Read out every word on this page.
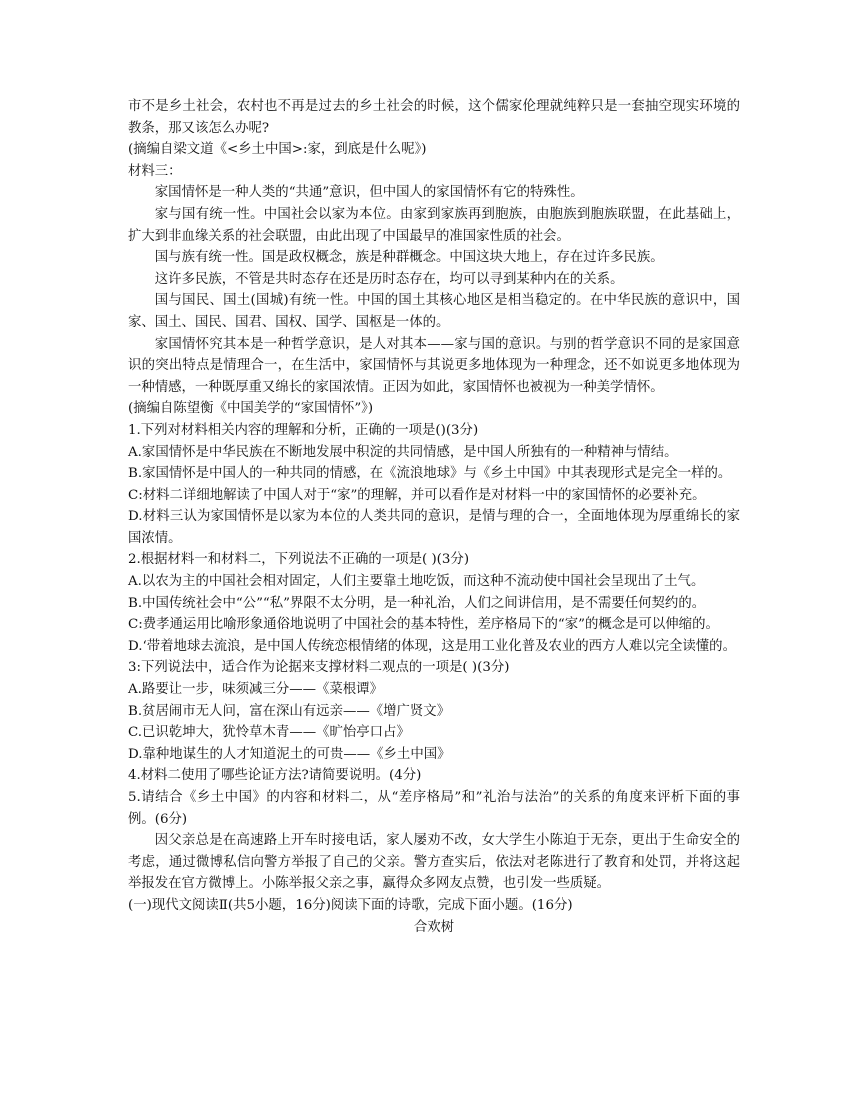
市不是乡土社会，农村也不再是过去的乡土社会的时候，这个儒家伦理就纯粹只是一套抽空现实环境的教条，那又该怎么办呢?

(摘编自梁文道《<乡土中国>:家，到底是什么呢》)

材料三：

家国情怀是一种人类的“共通”意识，但中国人的家国情怀有它的特殊性。

家与国有统一性。中国社会以家为本位。由家到家族再到胞族，由胞族到胞族联盟，在此基础上，扩大到非血缘关系的社会联盟，由此出现了中国最早的准国家性质的社会。

国与族有统一性。国是政权概念，族是种群概念。中国这块大地上，存在过许多民族。

这许多民族，不管是共时态存在还是历时态存在，均可以寻到某种内在的关系。

国与国民、国土(国城)有统一性。中国的国土其核心地区是相当稳定的。在中华民族的意识中，国家、国土、国民、国君、国权、国学、国枢是一体的。

家国情怀究其本是一种哲学意识，是人对其本——家与国的意识。与别的哲学意识不同的是家国意识的突出特点是情理合一，在生活中，家国情怀与其说更多地体现为一种理念，还不如说更多地体现为一种情感，一种既厚重又绵长的家国浓情。正因为如此，家国情怀也被视为一种美学情怀。

(摘编自陈望衡《中国美学的“家国情怀”》)

1.下列对材料相关内容的理解和分析，正确的一项是()(3分)

A.家国情怀是中华民族在不断地发展中积淀的共同情感，是中国人所独有的一种精神与情结。

B.家国情怀是中国人的一种共同的情感，在《流浪地球》与《乡土中国》中其表现形式是完全一样的。

C:材料二详细地解读了中国人对于“家”的理解，并可以看作是对材料一中的家国情怀的必要补充。

D.材料三认为家国情怀是以家为本位的人类共同的意识，是情与理的合一，全面地体现为厚重绵长的家国浓情。

2.根据材料一和材料二，下列说法不正确的一项是( )(3分)

A.以农为主的中国社会相对固定，人们主要靠土地吃饭，而这种不流动使中国社会呈现出了土气。

B.中国传统社会中“公”“私”界限不太分明，是一种礼治，人们之间讲信用，是不需要任何契约的。

C:费孝通运用比喻形象通俗地说明了中国社会的基本特性，差序格局下的“家”的概念是可以伸缩的。

D.‘带着地球去流浪，是中国人传统恋根情绪的体现，这是用工业化普及农业的西方人难以完全读懂的。

3:下列说法中，适合作为论据来支撑材料二观点的一项是( )(3分)

A.路要让一步，味须减三分——《菜根谭》

B.贫居闹市无人问，富在深山有远亲——《增广贤文》

C.已识乾坤大，犹怜草木青——《旷怡亭口占》

D.靠种地谋生的人才知道泥土的可贵——《乡土中国》

4.材料二使用了哪些论证方法?请简要说明。(4分)

5.请结合《乡土中国》的内容和材料二，从“差序格局”和”礼治与法治”的关系的角度来评析下面的事例。(6分)

因父亲总是在高速路上开车时接电话，家人屡劝不改，女大学生小陈迫于无奈，更出于生命安全的考虑，通过微博私信向警方举报了自己的父亲。警方查实后，依法对老陈进行了教育和处罚，并将这起举报发在官方微博上。小陈举报父亲之事，赢得众多网友点赞，也引发一些质疑。

(一)现代文阅读Ⅱ(共5小题，16分)阅读下面的诗歌，完成下面小题。(16分)

合欢树
